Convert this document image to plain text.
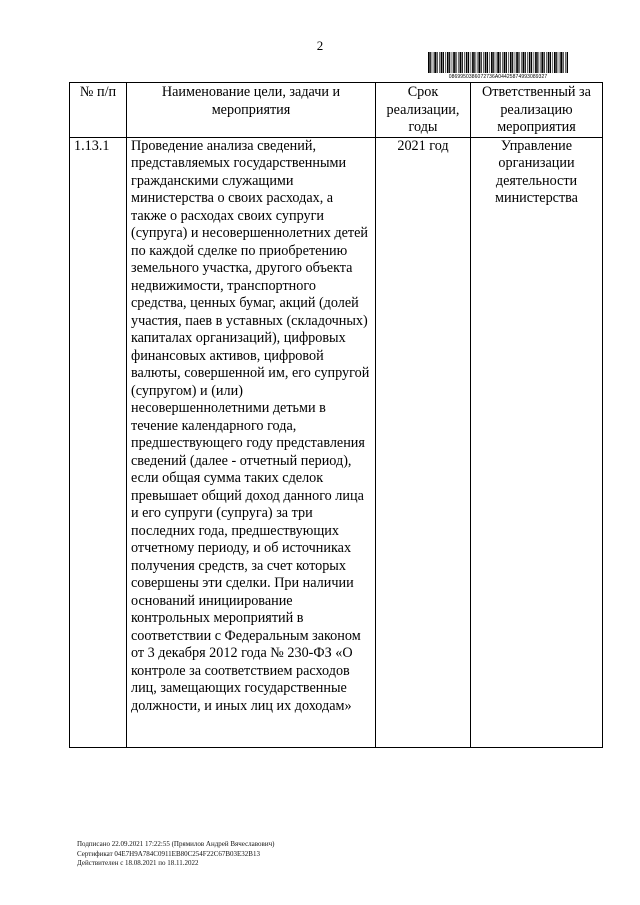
2
0869950386072736A04425874993089327
№ п/п	Наименование цели, задачи и мероприятия	Срок реализации, годы	Ответственный за реализацию мероприятия
1.13.1	Проведение анализа сведений, представляемых государственными гражданскими служащими министерства о своих расходах, а также о расходах своих супруги (супруга) и несовершеннолетних детей по каждой сделке по приобретению земельного участка, другого объекта недвижимости, транспортного средства, ценных бумаг, акций (долей участия, паев в уставных (складочных) капиталах организаций), цифровых финансовых активов, цифровой валюты, совершенной им, его супругой (супругом) и (или) несовершеннолетними детьми в течение календарного года, предшествующего году представления сведений (далее - отчетный период), если общая сумма таких сделок превышает общий доход данного лица и его супруги (супруга) за три последних года, предшествующих отчетному периоду, и об источниках получения средств, за счет которых совершены эти сделки. При наличии оснований инициирование контрольных мероприятий в соответствии с Федеральным законом от 3 декабря 2012 года № 230-ФЗ «О контроле за соответствием расходов лиц, замещающих государственные должности, и иных лиц их доходам»	2021 год	Управление организации деятельности министерства
Подписано 22.09.2021 17:22:55 (Прямилов Андрей Вячеславович)
Сертификат 04E7H9A784C0911EB80C254F22C67B03E32B13
Действителен с 18.08.2021 по 18.11.2022
